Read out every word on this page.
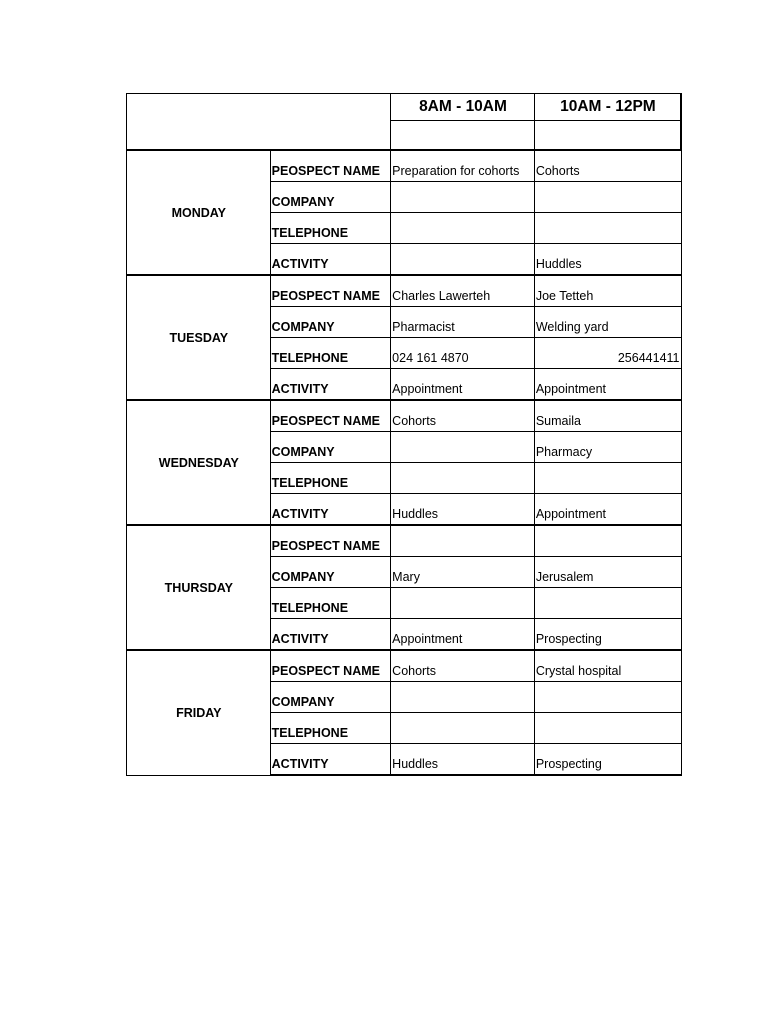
		8AM - 10AM	10AM - 12PM

MONDAY	PEOSPECT NAME	Preparation for cohorts	Cohorts
	COMPANY		
	TELEPHONE		
	ACTIVITY		Huddles
TUESDAY	PEOSPECT NAME	Charles Lawerteh	Joe Tetteh
	COMPANY	Pharmacist	Welding yard
	TELEPHONE	024 161 4870	256441411
	ACTIVITY	Appointment	Appointment
WEDNESDAY	PEOSPECT NAME	Cohorts	Sumaila
	COMPANY		Pharmacy
	TELEPHONE		
	ACTIVITY	Huddles	Appointment
THURSDAY	PEOSPECT NAME		
	COMPANY	Mary	Jerusalem
	TELEPHONE		
	ACTIVITY	Appointment	Prospecting
FRIDAY	PEOSPECT NAME	Cohorts	Crystal hospital
	COMPANY		
	TELEPHONE		
	ACTIVITY	Huddles	Prospecting
